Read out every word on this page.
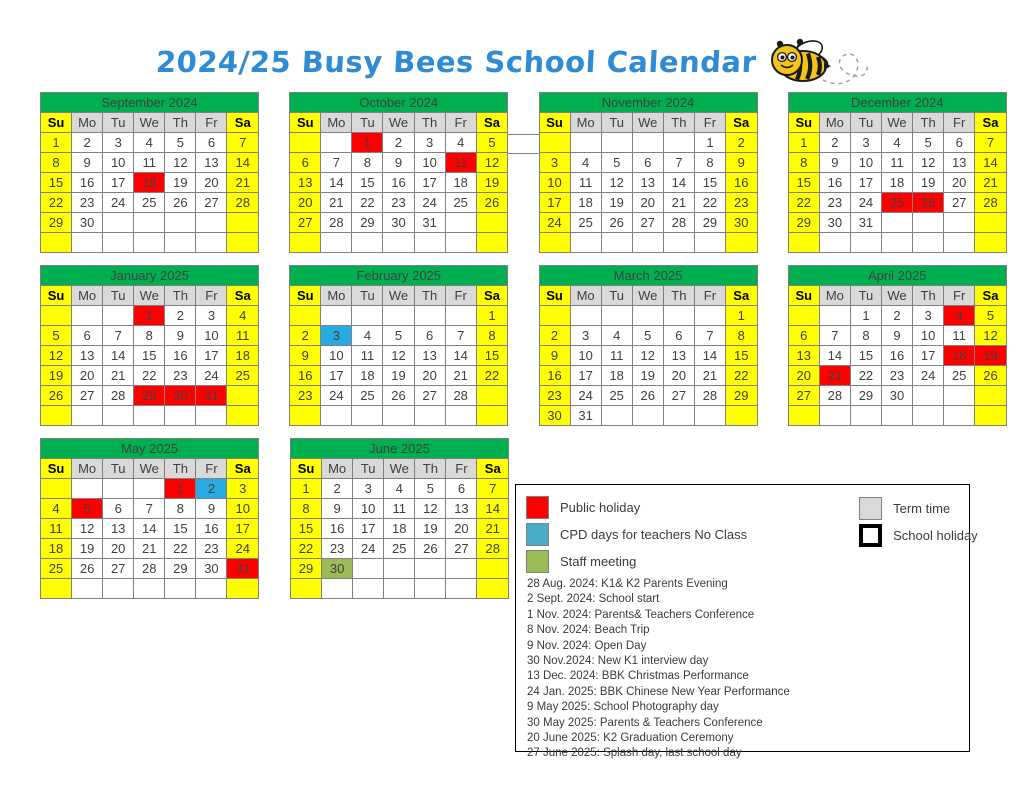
2024/25 Busy Bees School Calendar
September 2024						
Su	Mo	Tu	We	Th	Fr	Sa
1	2	3	4	5	6	7
8	9	10	11	12	13	14
15	16	17	18	19	20	21
22	23	24	25	26	27	28
29	30					

October 2024						
Su	Mo	Tu	We	Th	Fr	Sa
		1	2	3	4	5
6	7	8	9	10	11	12
13	14	15	16	17	18	19
20	21	22	23	24	25	26
27	28	29	30	31		

November 2024						
Su	Mo	Tu	We	Th	Fr	Sa
					1	2
3	4	5	6	7	8	9
10	11	12	13	14	15	16
17	18	19	20	21	22	23
24	25	26	27	28	29	30

December 2024						
Su	Mo	Tu	We	Th	Fr	Sa
1	2	3	4	5	6	7
8	9	10	11	12	13	14
15	16	17	18	19	20	21
22	23	24	25	26	27	28
29	30	31				

January 2025						
Su	Mo	Tu	We	Th	Fr	Sa
			1	2	3	4
5	6	7	8	9	10	11
12	13	14	15	16	17	18
19	20	21	22	23	24	25
26	27	28	29	30	31	

February 2025						
Su	Mo	Tu	We	Th	Fr	Sa
						1
2	3	4	5	6	7	8
9	10	11	12	13	14	15
16	17	18	19	20	21	22
23	24	25	26	27	28	

March 2025						
Su	Mo	Tu	We	Th	Fr	Sa
						1
2	3	4	5	6	7	8
9	10	11	12	13	14	15
16	17	18	19	20	21	22
23	24	25	26	27	28	29
30	31					
April 2025						
Su	Mo	Tu	We	Th	Fr	Sa
		1	2	3	4	5
6	7	8	9	10	11	12
13	14	15	16	17	18	19
20	21	22	23	24	25	26
27	28	29	30			

May 2025						
Su	Mo	Tu	We	Th	Fr	Sa
				1	2	3
4	5	6	7	8	9	10
11	12	13	14	15	16	17
18	19	20	21	22	23	24
25	26	27	28	29	30	31

June 2025						
Su	Mo	Tu	We	Th	Fr	Sa
1	2	3	4	5	6	7
8	9	10	11	12	13	14
15	16	17	18	19	20	21
22	23	24	25	26	27	28
29	30					

Public holiday
CPD days for teachers No Class
Staff meeting
Term time
School holiday
28 Aug. 2024: K1& K2 Parents Evening
2 Sept. 2024: School start
1 Nov. 2024: Parents& Teachers Conference
8 Nov. 2024: Beach Trip
9 Nov. 2024: Open Day
30 Nov.2024: New K1 interview day
13 Dec. 2024: BBK Christmas Performance
24 Jan. 2025: BBK Chinese New Year Performance
9 May 2025: School Photography day
30 May 2025: Parents & Teachers Conference
20 June 2025: K2 Graduation Ceremony
27 June 2025: Splash day, last school day
